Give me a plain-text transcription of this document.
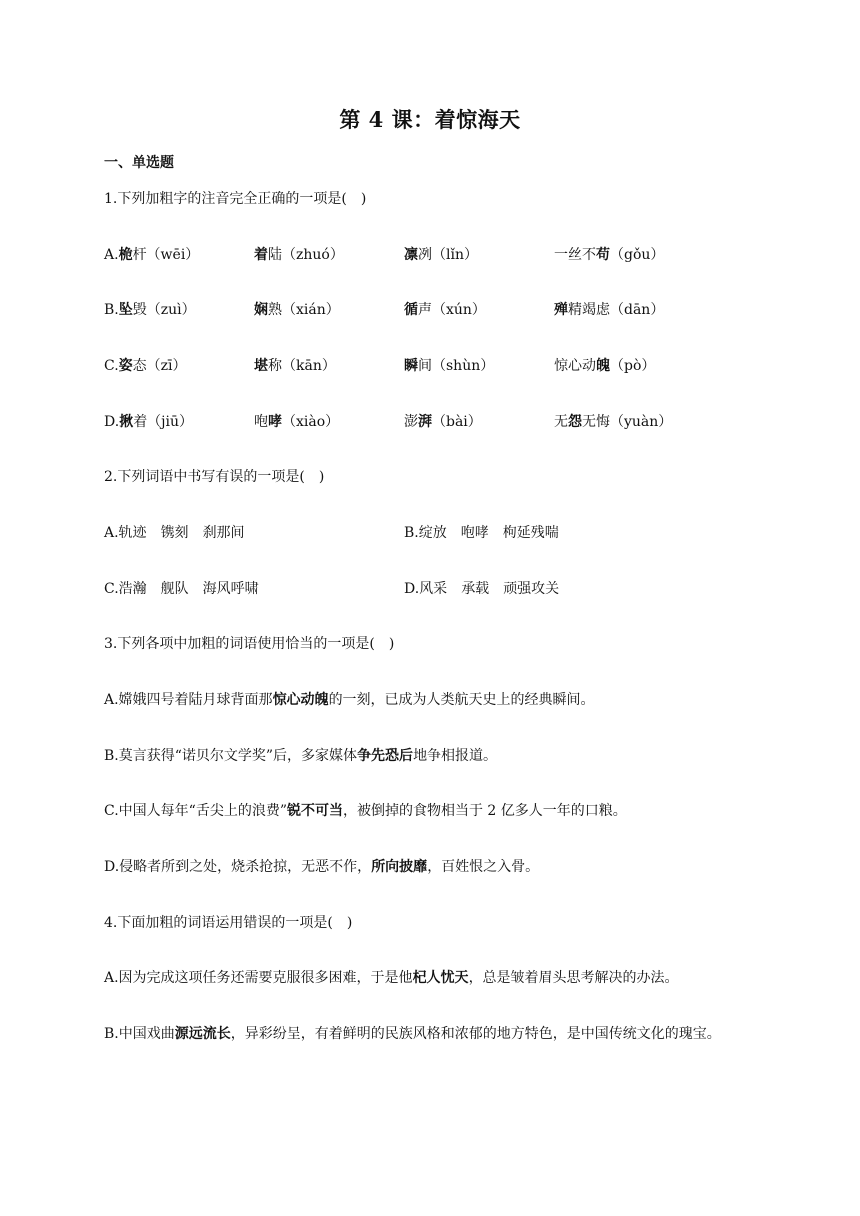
第 4 课：着惊海天
一、单选题
1.下列加粗字的注音完全正确的一项是(　)
A.桅杆（wēi）	着陆（zhuó）	凛冽（lǐn）	一丝不苟（gǒu）
B.坠毁（zuì）	娴熟（xián）	循声（xún）	殚精竭虑（dān）
C.姿态（zī）	堪称（kān）	瞬间（shùn）	惊心动魄（pò）
D.揪着（jiū）	咆哮（xiào）	澎湃（bài）	无怨无悔（yuàn）
2.下列词语中书写有误的一项是(　)
A.轨迹 镌刻 刹那间	B.绽放 咆哮 枸延残喘
C.浩瀚 舰队 海风呼啸	D.风采 承载 顽强攻关
3.下列各项中加粗的词语使用恰当的一项是(　)
A.嫦娥四号着陆月球背面那惊心动魄的一刻，已成为人类航天史上的经典瞬间。
B.莫言获得“诺贝尔文学奖”后，多家媒体争先恐后地争相报道。
C.中国人每年“舌尖上的浪费”锐不可当，被倒掉的食物相当于 2 亿多人一年的口粮。
D.侵略者所到之处，烧杀抢掠，无恶不作，所向披靡，百姓恨之入骨。
4.下面加粗的词语运用错误的一项是(　)
A.因为完成这项任务还需要克服很多困难，于是他杞人忧天，总是皱着眉头思考解决的办法。
B.中国戏曲源远流长，异彩纷呈，有着鲜明的民族风格和浓郁的地方特色，是中国传统文化的瑰宝。
